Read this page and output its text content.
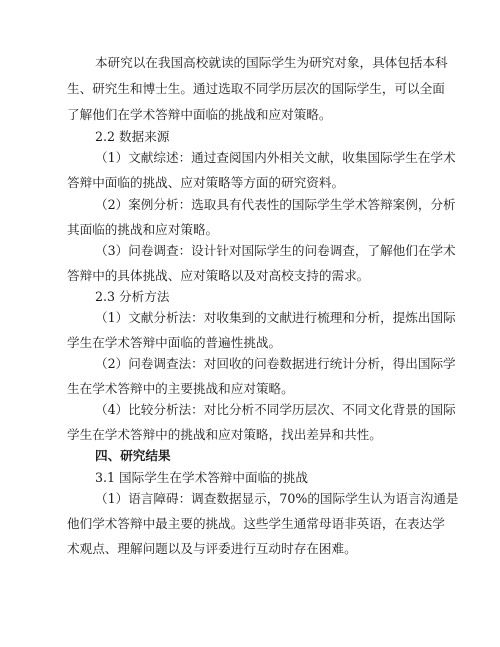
本研究以在我国高校就读的国际学生为研究对象，具体包括本科

生、研究生和博士生。通过选取不同学历层次的国际学生，可以全面

了解他们在学术答辩中面临的挑战和应对策略。

2.2 数据来源

（1）文献综述：通过查阅国内外相关文献，收集国际学生在学术

答辩中面临的挑战、应对策略等方面的研究资料。

（2）案例分析：选取具有代表性的国际学生学术答辩案例，分析

其面临的挑战和应对策略。

（3）问卷调查：设计针对国际学生的问卷调查，了解他们在学术

答辩中的具体挑战、应对策略以及对高校支持的需求。

2.3 分析方法

（1）文献分析法：对收集到的文献进行梳理和分析，提炼出国际

学生在学术答辩中面临的普遍性挑战。

（2）问卷调查法：对回收的问卷数据进行统计分析，得出国际学

生在学术答辩中的主要挑战和应对策略。

（4）比较分析法：对比分析不同学历层次、不同文化背景的国际

学生在学术答辩中的挑战和应对策略，找出差异和共性。

四、研究结果

3.1 国际学生在学术答辩中面临的挑战

（1）语言障碍：调查数据显示，70%的国际学生认为语言沟通是

他们学术答辩中最主要的挑战。这些学生通常母语非英语，在表达学

术观点、理解问题以及与评委进行互动时存在困难。
